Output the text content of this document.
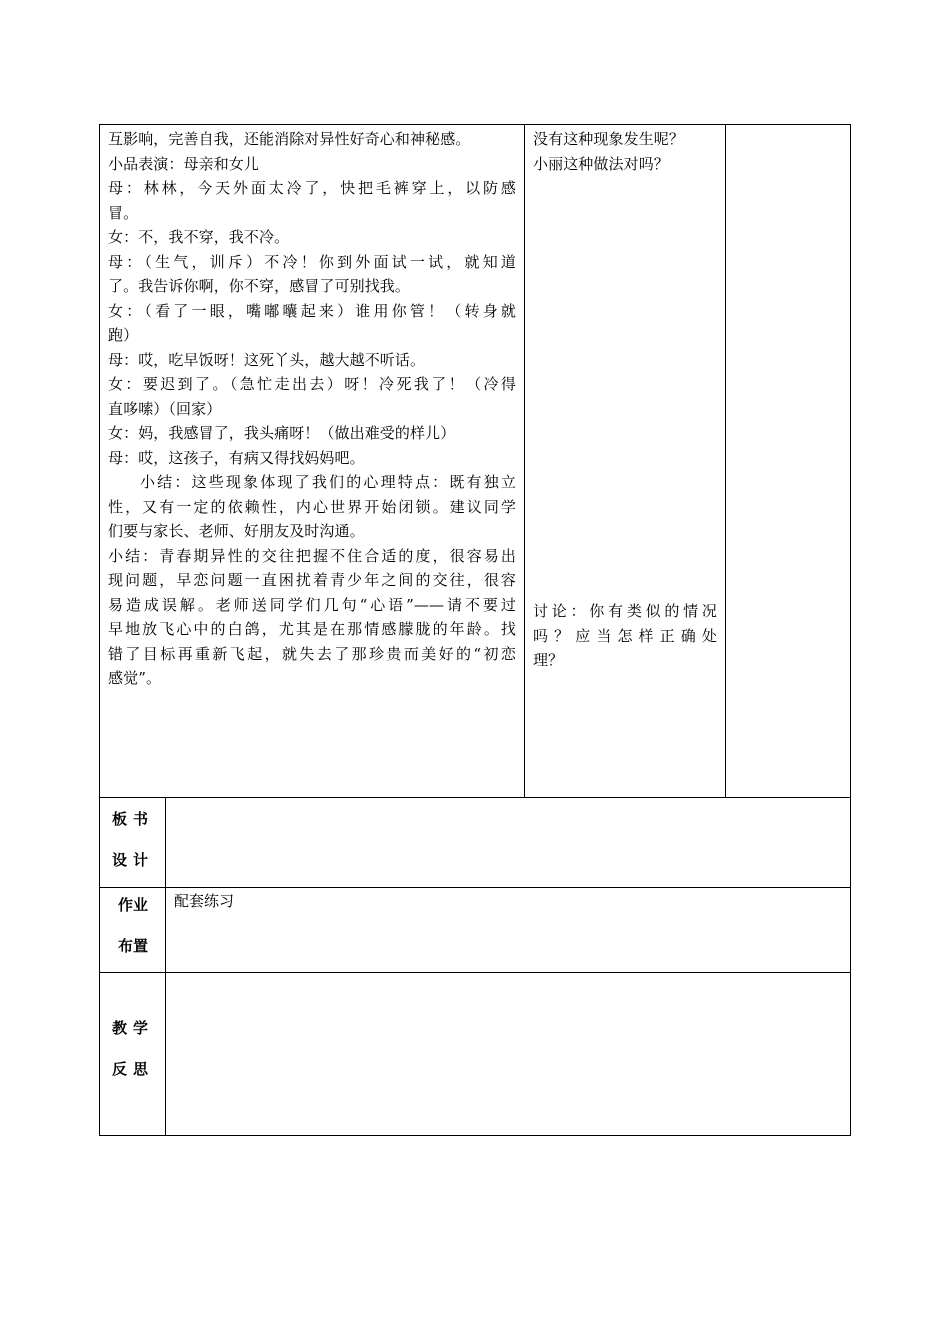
互影响，完善自我，还能消除对异性好奇心和神秘感。
小品表演：母亲和女儿
母：林林，今天外面太冷了，快把毛裤穿上，以防感
冒。
女：不，我不穿，我不冷。
母：（生气，训斥）不冷！你到外面试一试，就知道
了。我告诉你啊，你不穿，感冒了可别找我。
女：（看了一眼，嘴嘟囔起来）谁用你管！（转身就
跑）
母：哎，吃早饭呀！这死丫头，越大越不听话。
女：要迟到了。（急忙走出去）呀！冷死我了！（冷得
直哆嗦）（回家）
女：妈，我感冒了，我头痛呀！（做出难受的样儿）
母：哎，这孩子，有病又得找妈妈吧。
小结：这些现象体现了我们的心理特点：既有独立
性，又有一定的依赖性，内心世界开始闭锁。建议同学
们要与家长、老师、好朋友及时沟通。
小结：青春期异性的交往把握不住合适的度，很容易出
现问题，早恋问题一直困扰着青少年之间的交往，很容
易造成误解。老师送同学们几句“心语”——请不要过
早地放飞心中的白鸽，尤其是在那情感朦胧的年龄。找
错了目标再重新飞起，就失去了那珍贵而美好的“初恋
感觉”。
没有这种现象发生呢？
小丽这种做法对吗？
讨论：你有类似的情况
吗？应当怎样正确处
理？
板书
设计
作业
布置
配套练习
教学
反思
